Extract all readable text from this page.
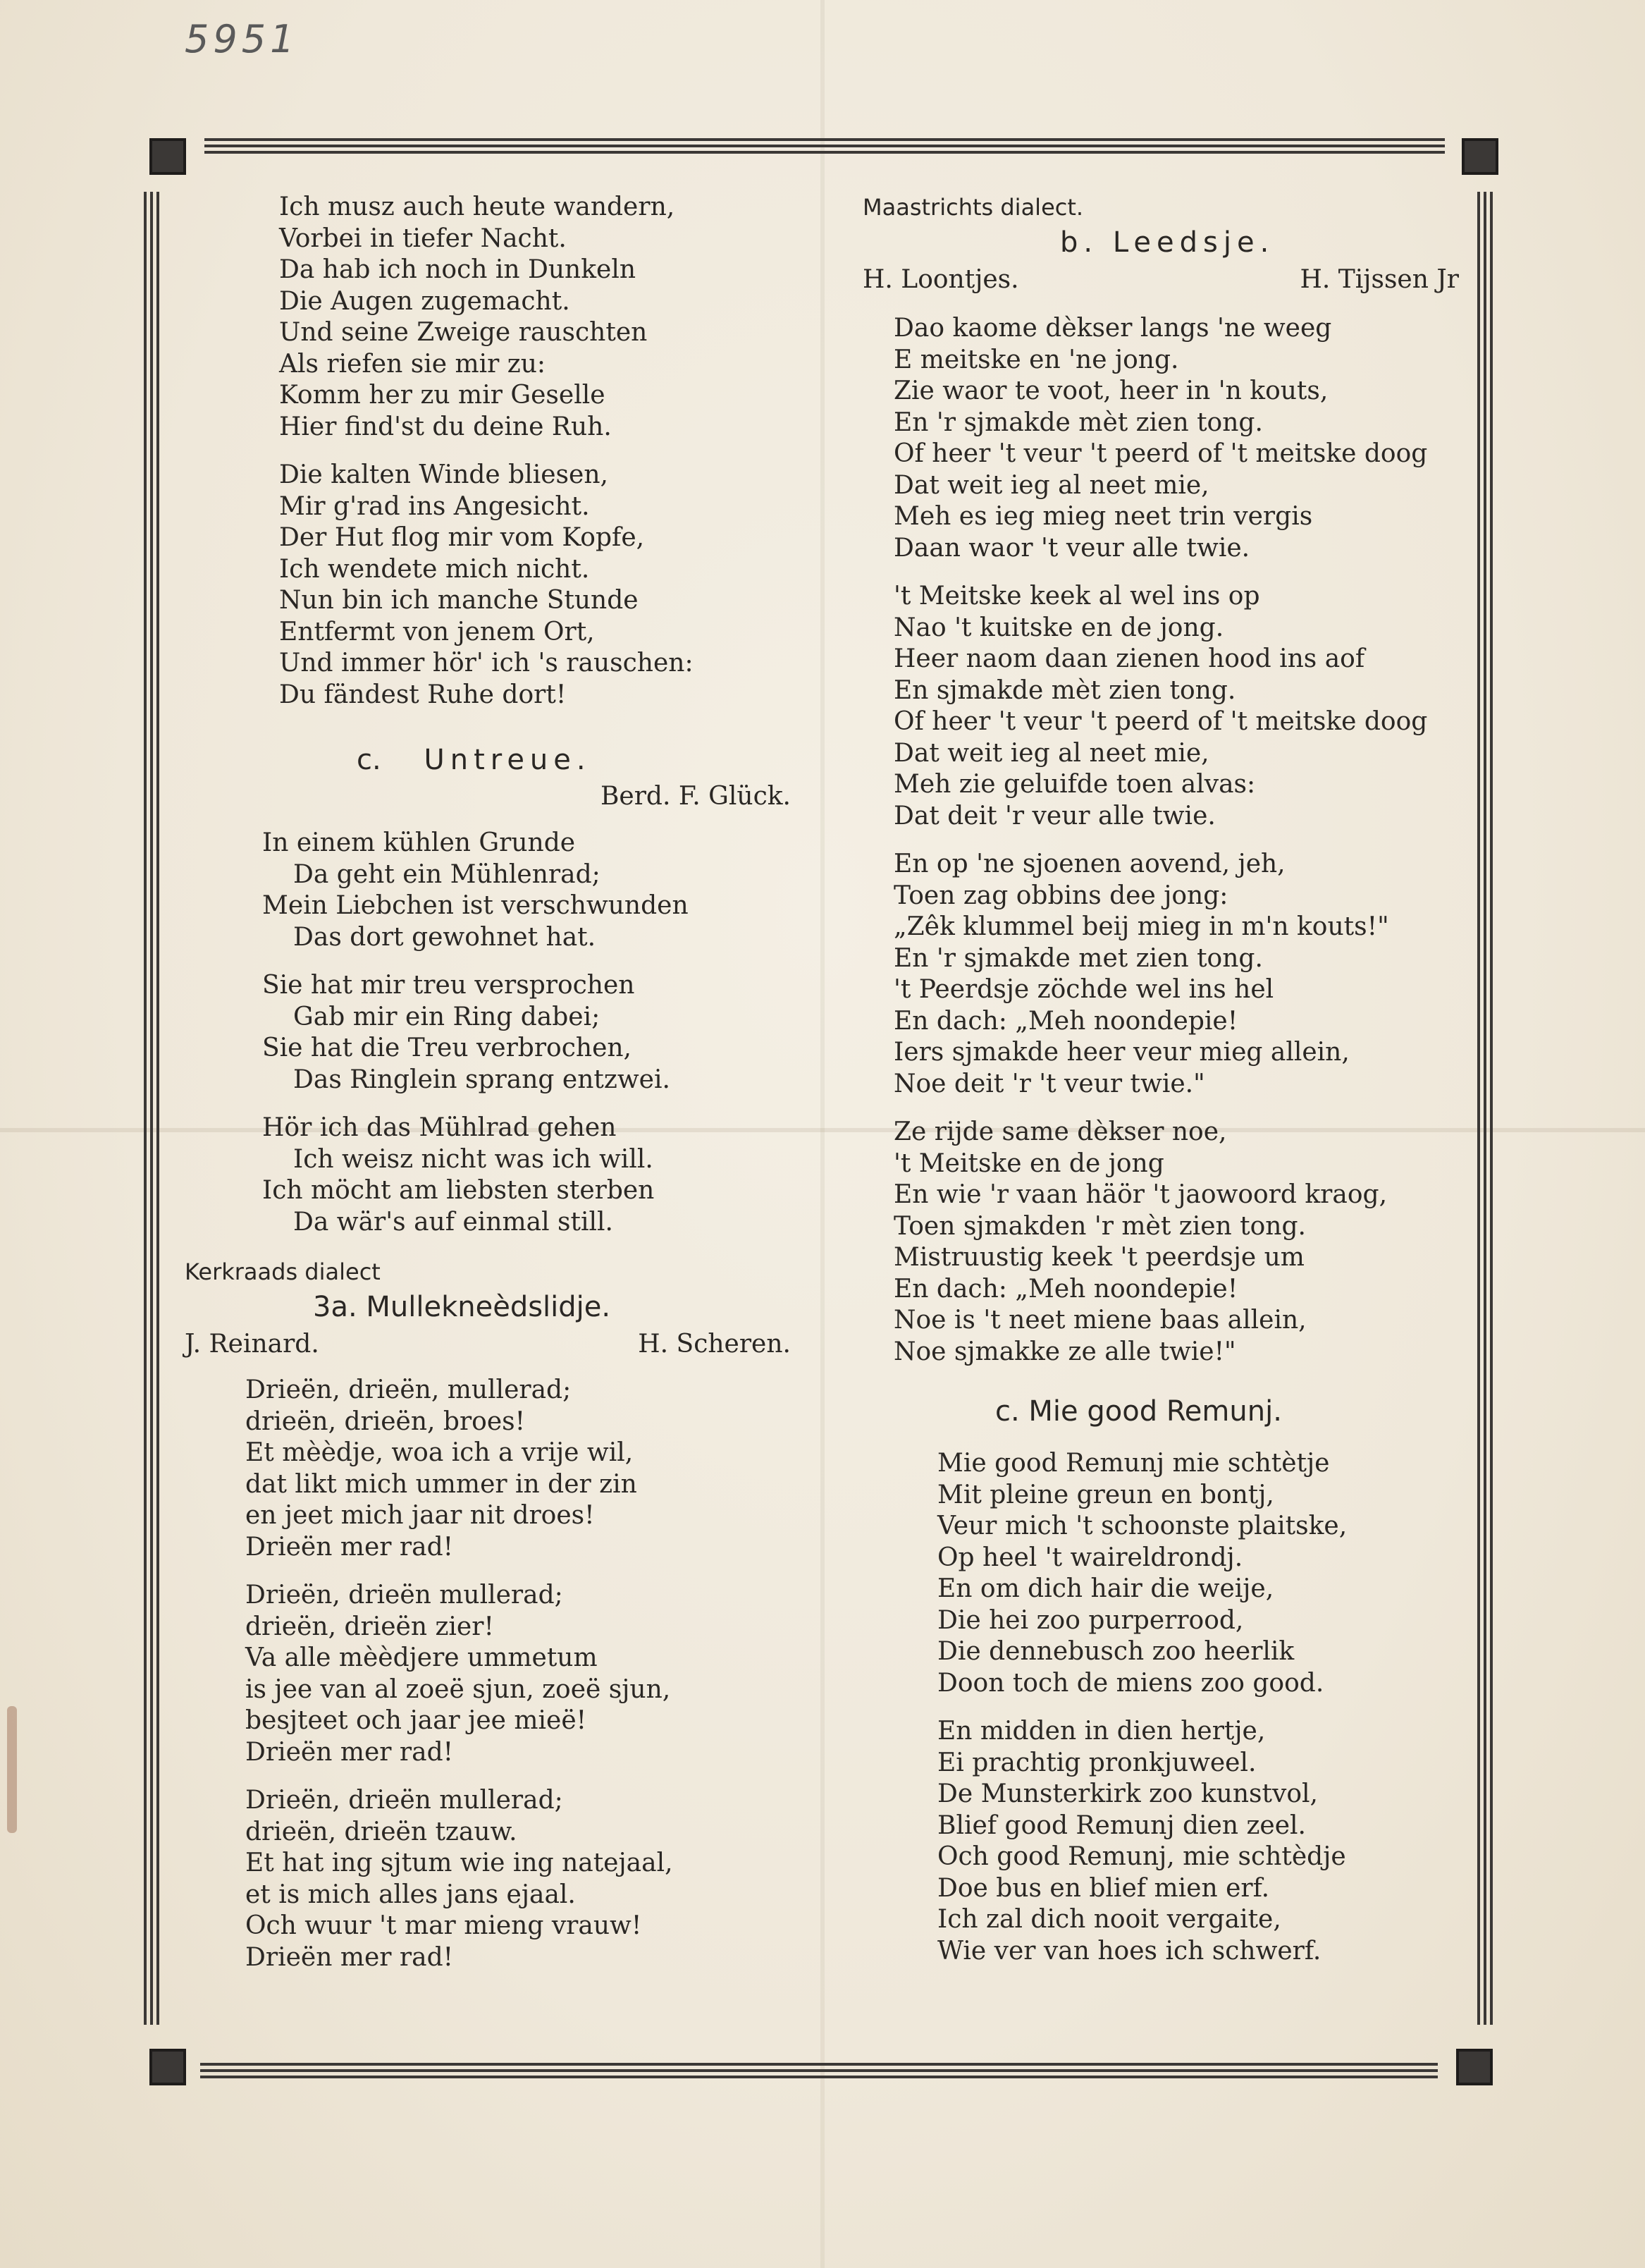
5951
Ich musz auch heute wandern,
Vorbei in tiefer Nacht.
Da hab ich noch in Dunkeln
Die Augen zugemacht.
Und seine Zweige rauschten
Als riefen sie mir zu:
Komm her zu mir Geselle
Hier find'st du deine Ruh.
Die kalten Winde bliesen,
Mir g'rad ins Angesicht.
Der Hut flog mir vom Kopfe,
Ich wendete mich nicht.
Nun bin ich manche Stunde
Entfermt von jenem Ort,
Und immer hör' ich 's rauschen:
Du fändest Ruhe dort!
c. Untreue.
Berd. F. Glück.
In einem kühlen Grunde
Da geht ein Mühlenrad;
Mein Liebchen ist verschwunden
Das dort gewohnet hat.
Sie hat mir treu versprochen
Gab mir ein Ring dabei;
Sie hat die Treu verbrochen,
Das Ringlein sprang entzwei.
Hör ich das Mühlrad gehen
Ich weisz nicht was ich will.
Ich möcht am liebsten sterben
Da wär's auf einmal still.
Kerkraads dialect
3a. Mullekneèdslidje.
J. Reinard.	H. Scheren.
Drieën, drieën, mullerad;
drieën, drieën, broes!
Et mèèdje, woa ich a vrije wil,
dat likt mich ummer in der zin
en jeet mich jaar nit droes!
Drieën mer rad!
Drieën, drieën mullerad;
drieën, drieën zier!
Va alle mèèdjere ummetum
is jee van al zoeë sjun, zoeë sjun,
besjteet och jaar jee mieë!
Drieën mer rad!
Drieën, drieën mullerad;
drieën, drieën tzauw.
Et hat ing sjtum wie ing natejaal,
et is mich alles jans ejaal.
Och wuur 't mar mieng vrauw!
Drieën mer rad!
Maastrichts dialect.
b. Leedsje.
H. Loontjes.	H. Tijssen Jr
Dao kaome dèkser langs 'ne weeg
E meitske en 'ne jong.
Zie waor te voot, heer in 'n kouts,
En 'r sjmakde mèt zien tong.
Of heer 't veur 't peerd of 't meitske doog
Dat weit ieg al neet mie,
Meh es ieg mieg neet trin vergis
Daan waor 't veur alle twie.
't Meitske keek al wel ins op
Nao 't kuitske en de jong.
Heer naom daan zienen hood ins aof
En sjmakde mèt zien tong.
Of heer 't veur 't peerd of 't meitske doog
Dat weit ieg al neet mie,
Meh zie geluifde toen alvas:
Dat deit 'r veur alle twie.
En op 'ne sjoenen aovend, jeh,
Toen zag obbins dee jong:
„Zêk klummel beij mieg in m'n kouts!"
En 'r sjmakde met zien tong.
't Peerdsje zöchde wel ins hel
En dach: „Meh noondepie!
Iers sjmakde heer veur mieg allein,
Noe deit 'r 't veur twie."
Ze rijde same dèkser noe,
't Meitske en de jong
En wie 'r vaan häör 't jaowoord kraog,
Toen sjmakden 'r mèt zien tong.
Mistruustig keek 't peerdsje um
En dach: „Meh noondepie!
Noe is 't neet miene baas allein,
Noe sjmakke ze alle twie!"
c. Mie good Remunj.
Mie good Remunj mie schtètje
Mit pleine greun en bontj,
Veur mich 't schoonste plaitske,
Op heel 't waireldrondj.
En om dich hair die weije,
Die hei zoo purperrood,
Die dennebusch zoo heerlik
Doon toch de miens zoo good.
En midden in dien hertje,
Ei prachtig pronkjuweel.
De Munsterkirk zoo kunstvol,
Blief good Remunj dien zeel.
Och good Remunj, mie schtèdje
Doe bus en blief mien erf.
Ich zal dich nooit vergaite,
Wie ver van hoes ich schwerf.
